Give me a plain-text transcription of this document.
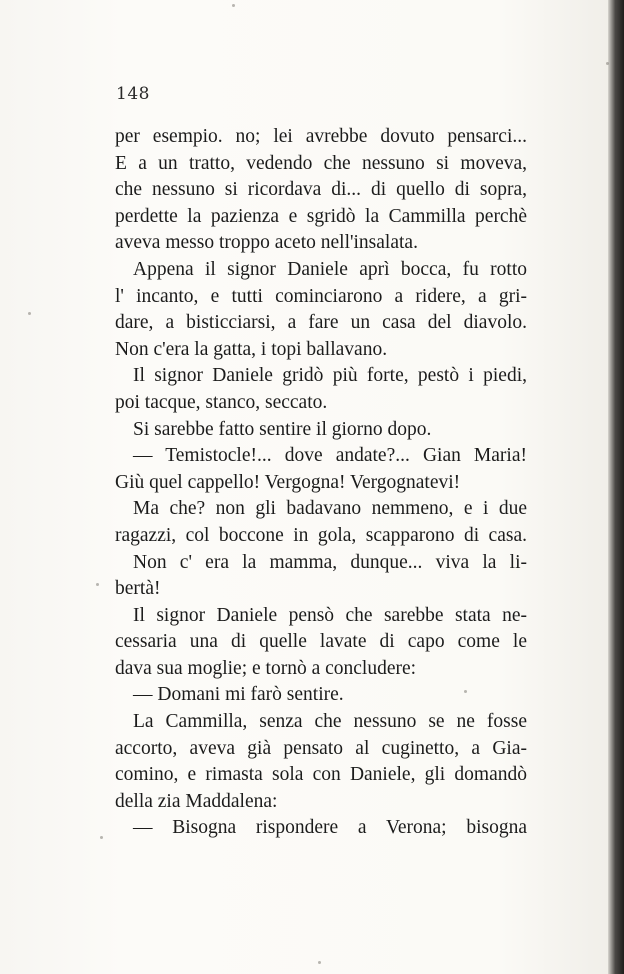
148
per esempio. no; lei avrebbe dovuto pensarci...
E a un tratto, vedendo che nessuno si moveva,
che nessuno si ricordava di... di quello di sopra,
perdette la pazienza e sgridò la Cammilla perchè
aveva messo troppo aceto nell'insalata.
Appena il signor Daniele aprì bocca, fu rotto
l' incanto, e tutti cominciarono a ridere, a gri-
dare, a bisticciarsi, a fare un casa del diavolo.
Non c'era la gatta, i topi ballavano.
Il signor Daniele gridò più forte, pestò i piedi,
poi tacque, stanco, seccato.
Si sarebbe fatto sentire il giorno dopo.
— Temistocle!... dove andate?... Gian Maria!
Giù quel cappello! Vergogna! Vergognatevi!
Ma che? non gli badavano nemmeno, e i due
ragazzi, col boccone in gola, scapparono di casa.
Non c' era la mamma, dunque... viva la li-
bertà!
Il signor Daniele pensò che sarebbe stata ne-
cessaria una di quelle lavate di capo come le
dava sua moglie; e tornò a concludere:
— Domani mi farò sentire.
La Cammilla, senza che nessuno se ne fosse
accorto, aveva già pensato al cuginetto, a Gia-
comino, e rimasta sola con Daniele, gli domandò
della zia Maddalena:
— Bisogna rispondere a Verona; bisogna
